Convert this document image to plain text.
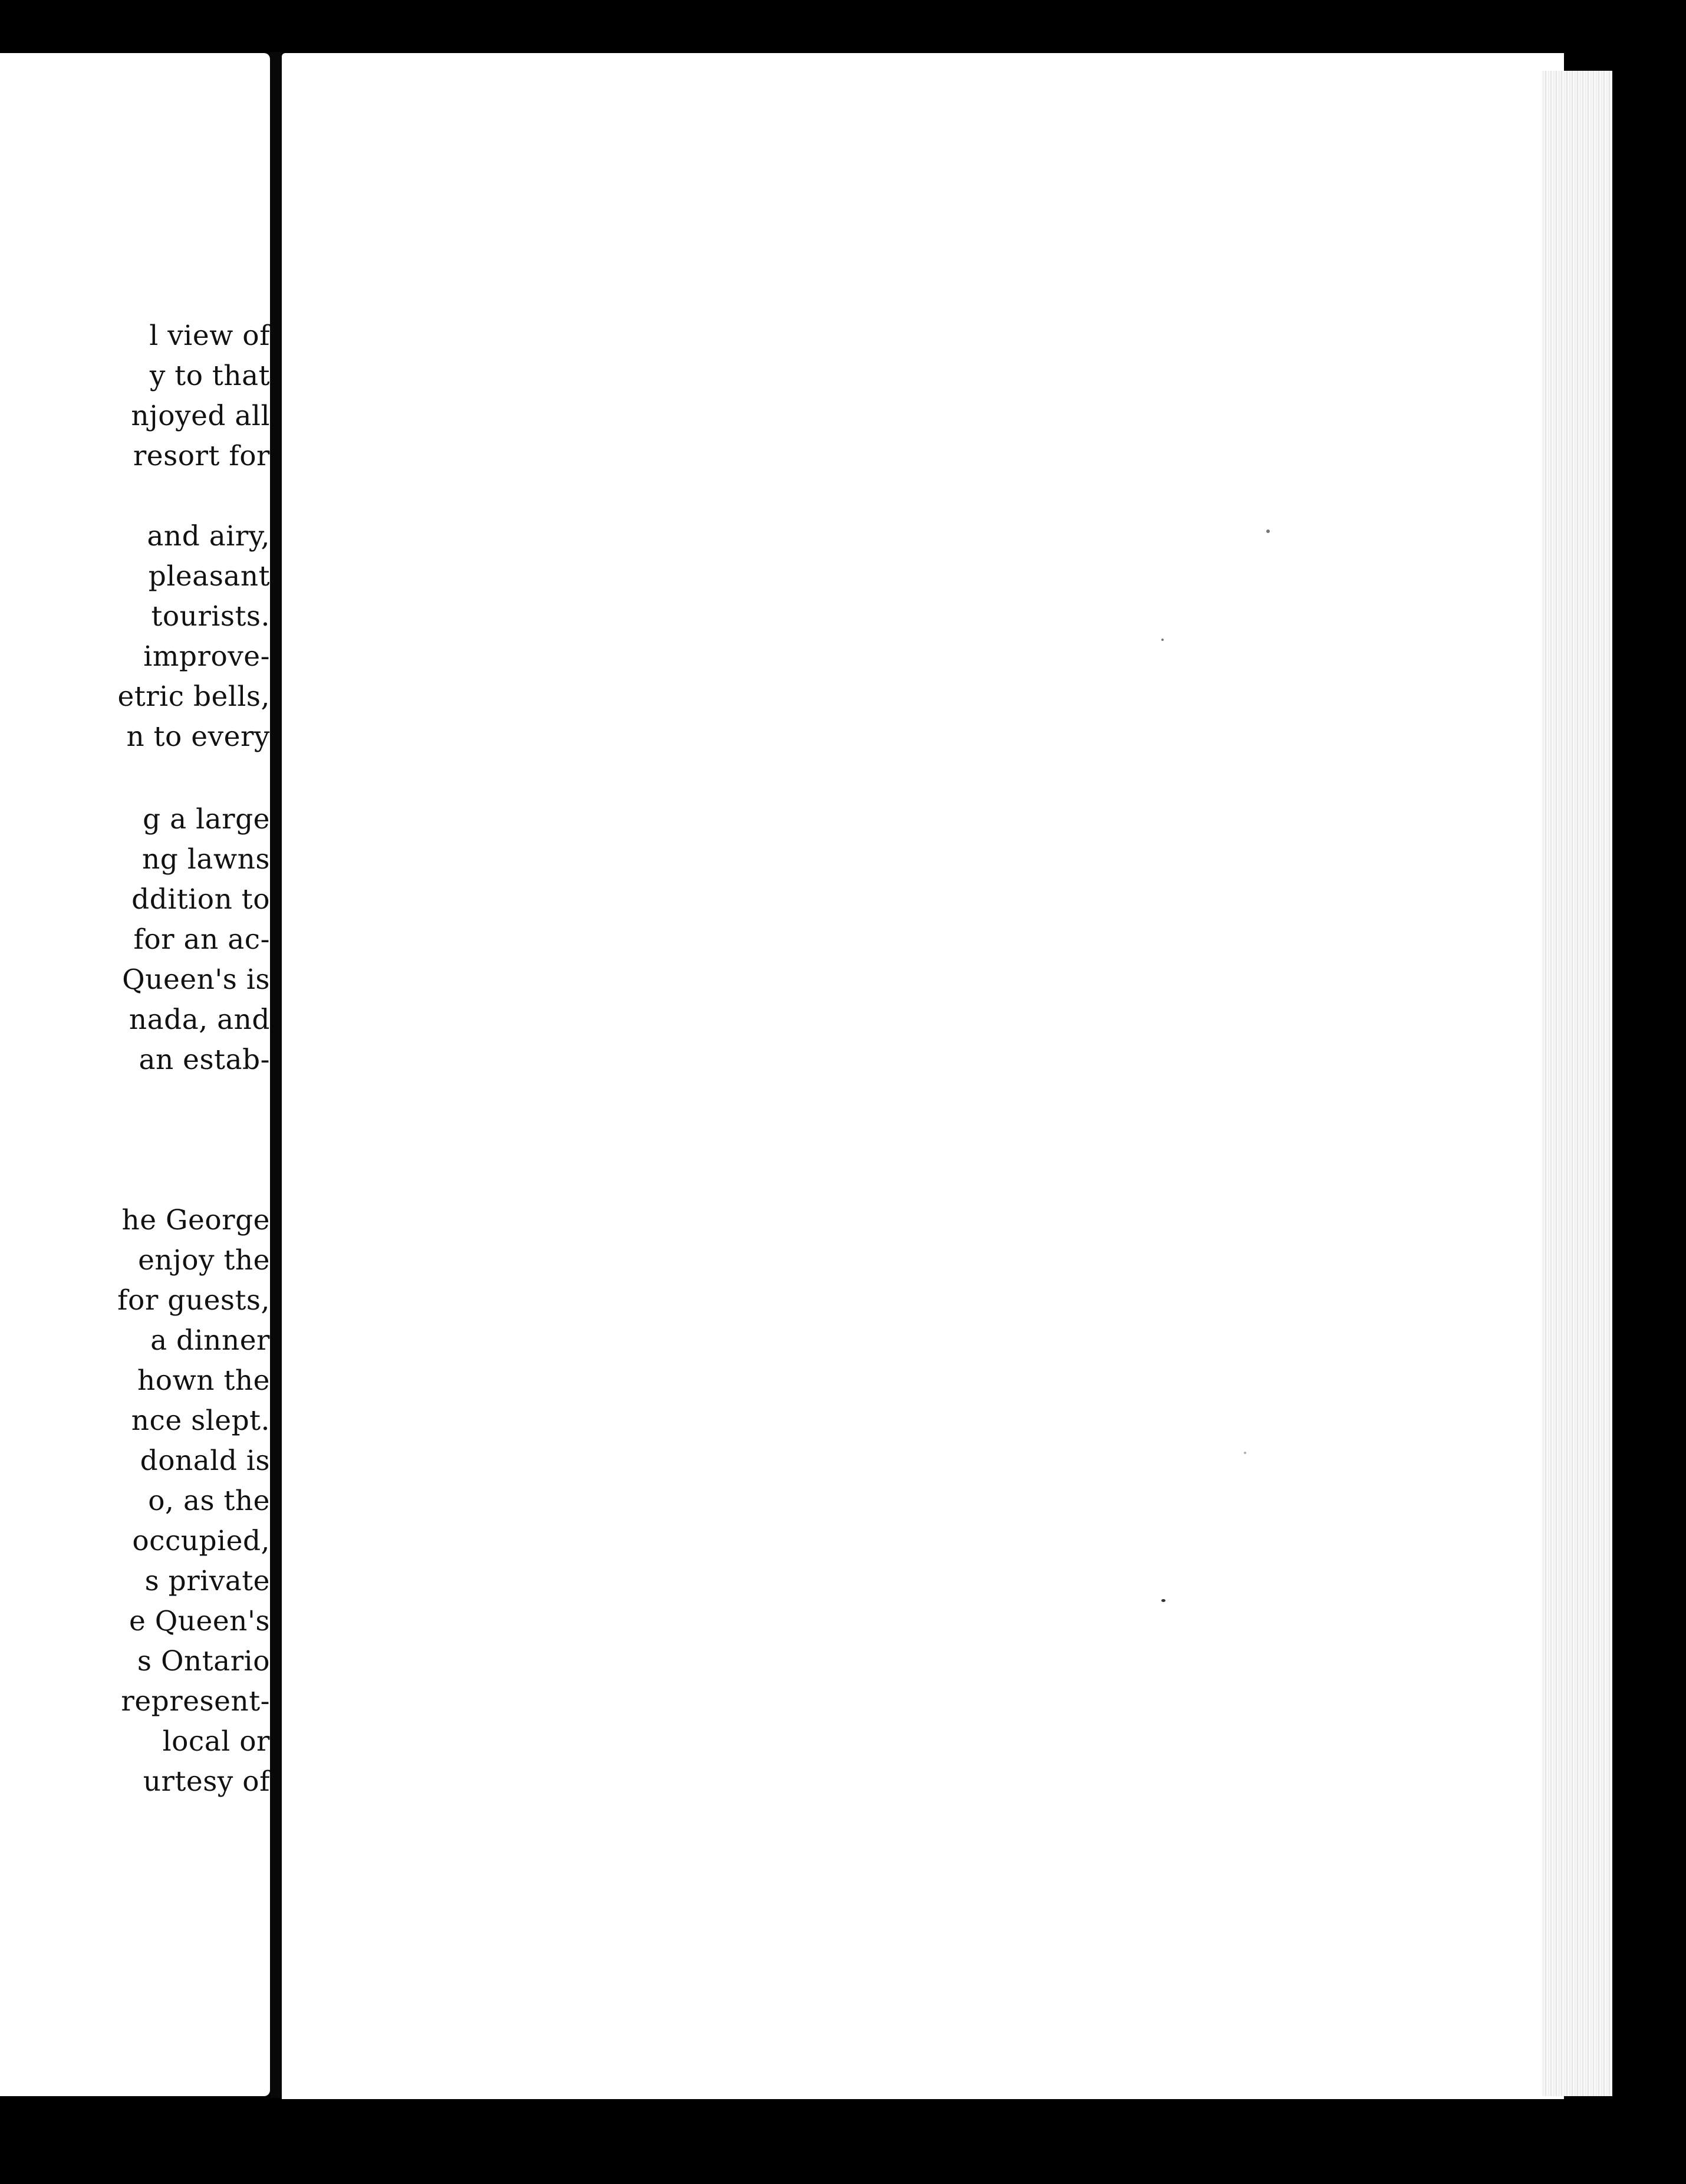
l view of
y to that
njoyed all
resort for
and airy,
pleasant
tourists.
improve-
etric bells,
n to every
g a large
ng lawns
ddition to
for an ac-
Queen's is
nada, and
an estab-
he George
enjoy the
for guests,
a dinner
hown the
nce slept.
donald is
o, as the
occupied,
s private
e Queen's
s Ontario
represent-
local or
urtesy of
